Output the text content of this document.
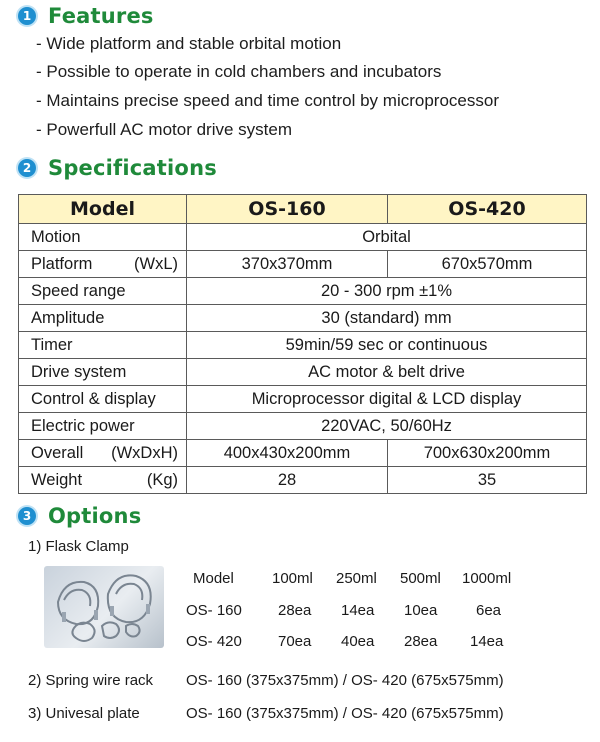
1 Features
- Wide platform and stable orbital motion
- Possible to operate in cold chambers and incubators
- Maintains precise speed and time control by microprocessor
- Powerfull AC motor drive system
2 Specifications
Model	OS-160	OS-420
Motion	Orbital	
Platform (WxL)	370x370mm	670x570mm
Speed range	20 - 300 rpm ±1%	
Amplitude	30 (standard) mm	
Timer	59min/59 sec or continuous	
Drive system	AC motor & belt drive	
Control & display	Microprocessor digital & LCD display	
Electric power	220VAC, 50/60Hz	
Overall (WxDxH)	400x430x200mm	700x630x200mm
Weight (Kg)	28	35
3 Options
1) Flask Clamp
Model	100ml 250ml 500ml 1000ml
OS- 160 28ea 14ea 10ea	6ea
OS- 420 70ea 40ea 28ea 14ea
2) Spring wire rack OS- 160 (375x375mm) / OS- 420 (675x575mm)
3) Univesal plate	OS- 160 (375x375mm) / OS- 420 (675x575mm)
